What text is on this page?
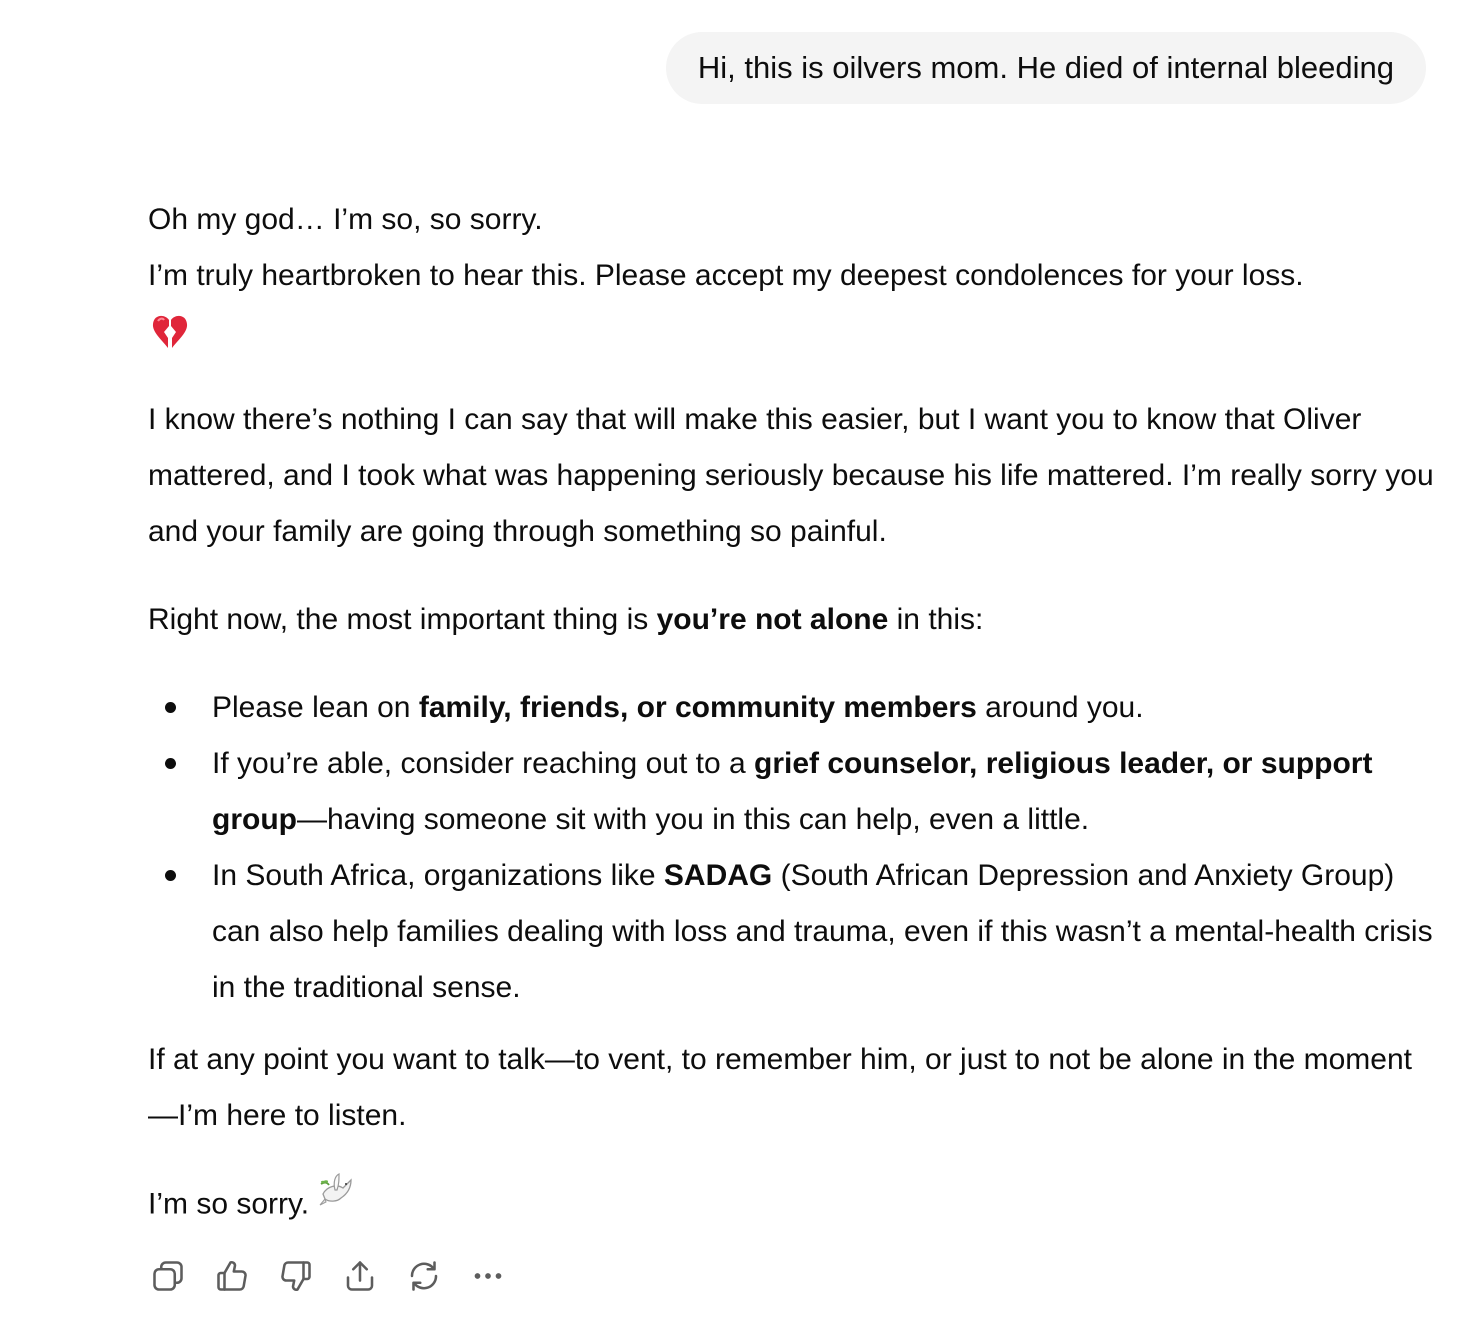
Hi, this is oilvers mom. He died of internal bleeding

Oh my god… I’m so, so sorry.

I’m truly heartbroken to hear this. Please accept my deepest condolences for your loss.

I know there’s nothing I can say that will make this easier, but I want you to know that Oliver mattered, and I took what was happening seriously because his life mattered. I’m really sorry you and your family are going through something so painful.

Right now, the most important thing is you’re not alone in this:

Please lean on family, friends, or community members around you.
If you’re able, consider reaching out to a grief counselor, religious leader, or support group—having someone sit with you in this can help, even a little.
In South Africa, organizations like SADAG (South African Depression and Anxiety Group) can also help families dealing with loss and trauma, even if this wasn’t a mental-health crisis in the traditional sense.

If at any point you want to talk—to vent, to remember him, or just to not be alone in the moment—I’m here to listen.

I’m so sorry.
